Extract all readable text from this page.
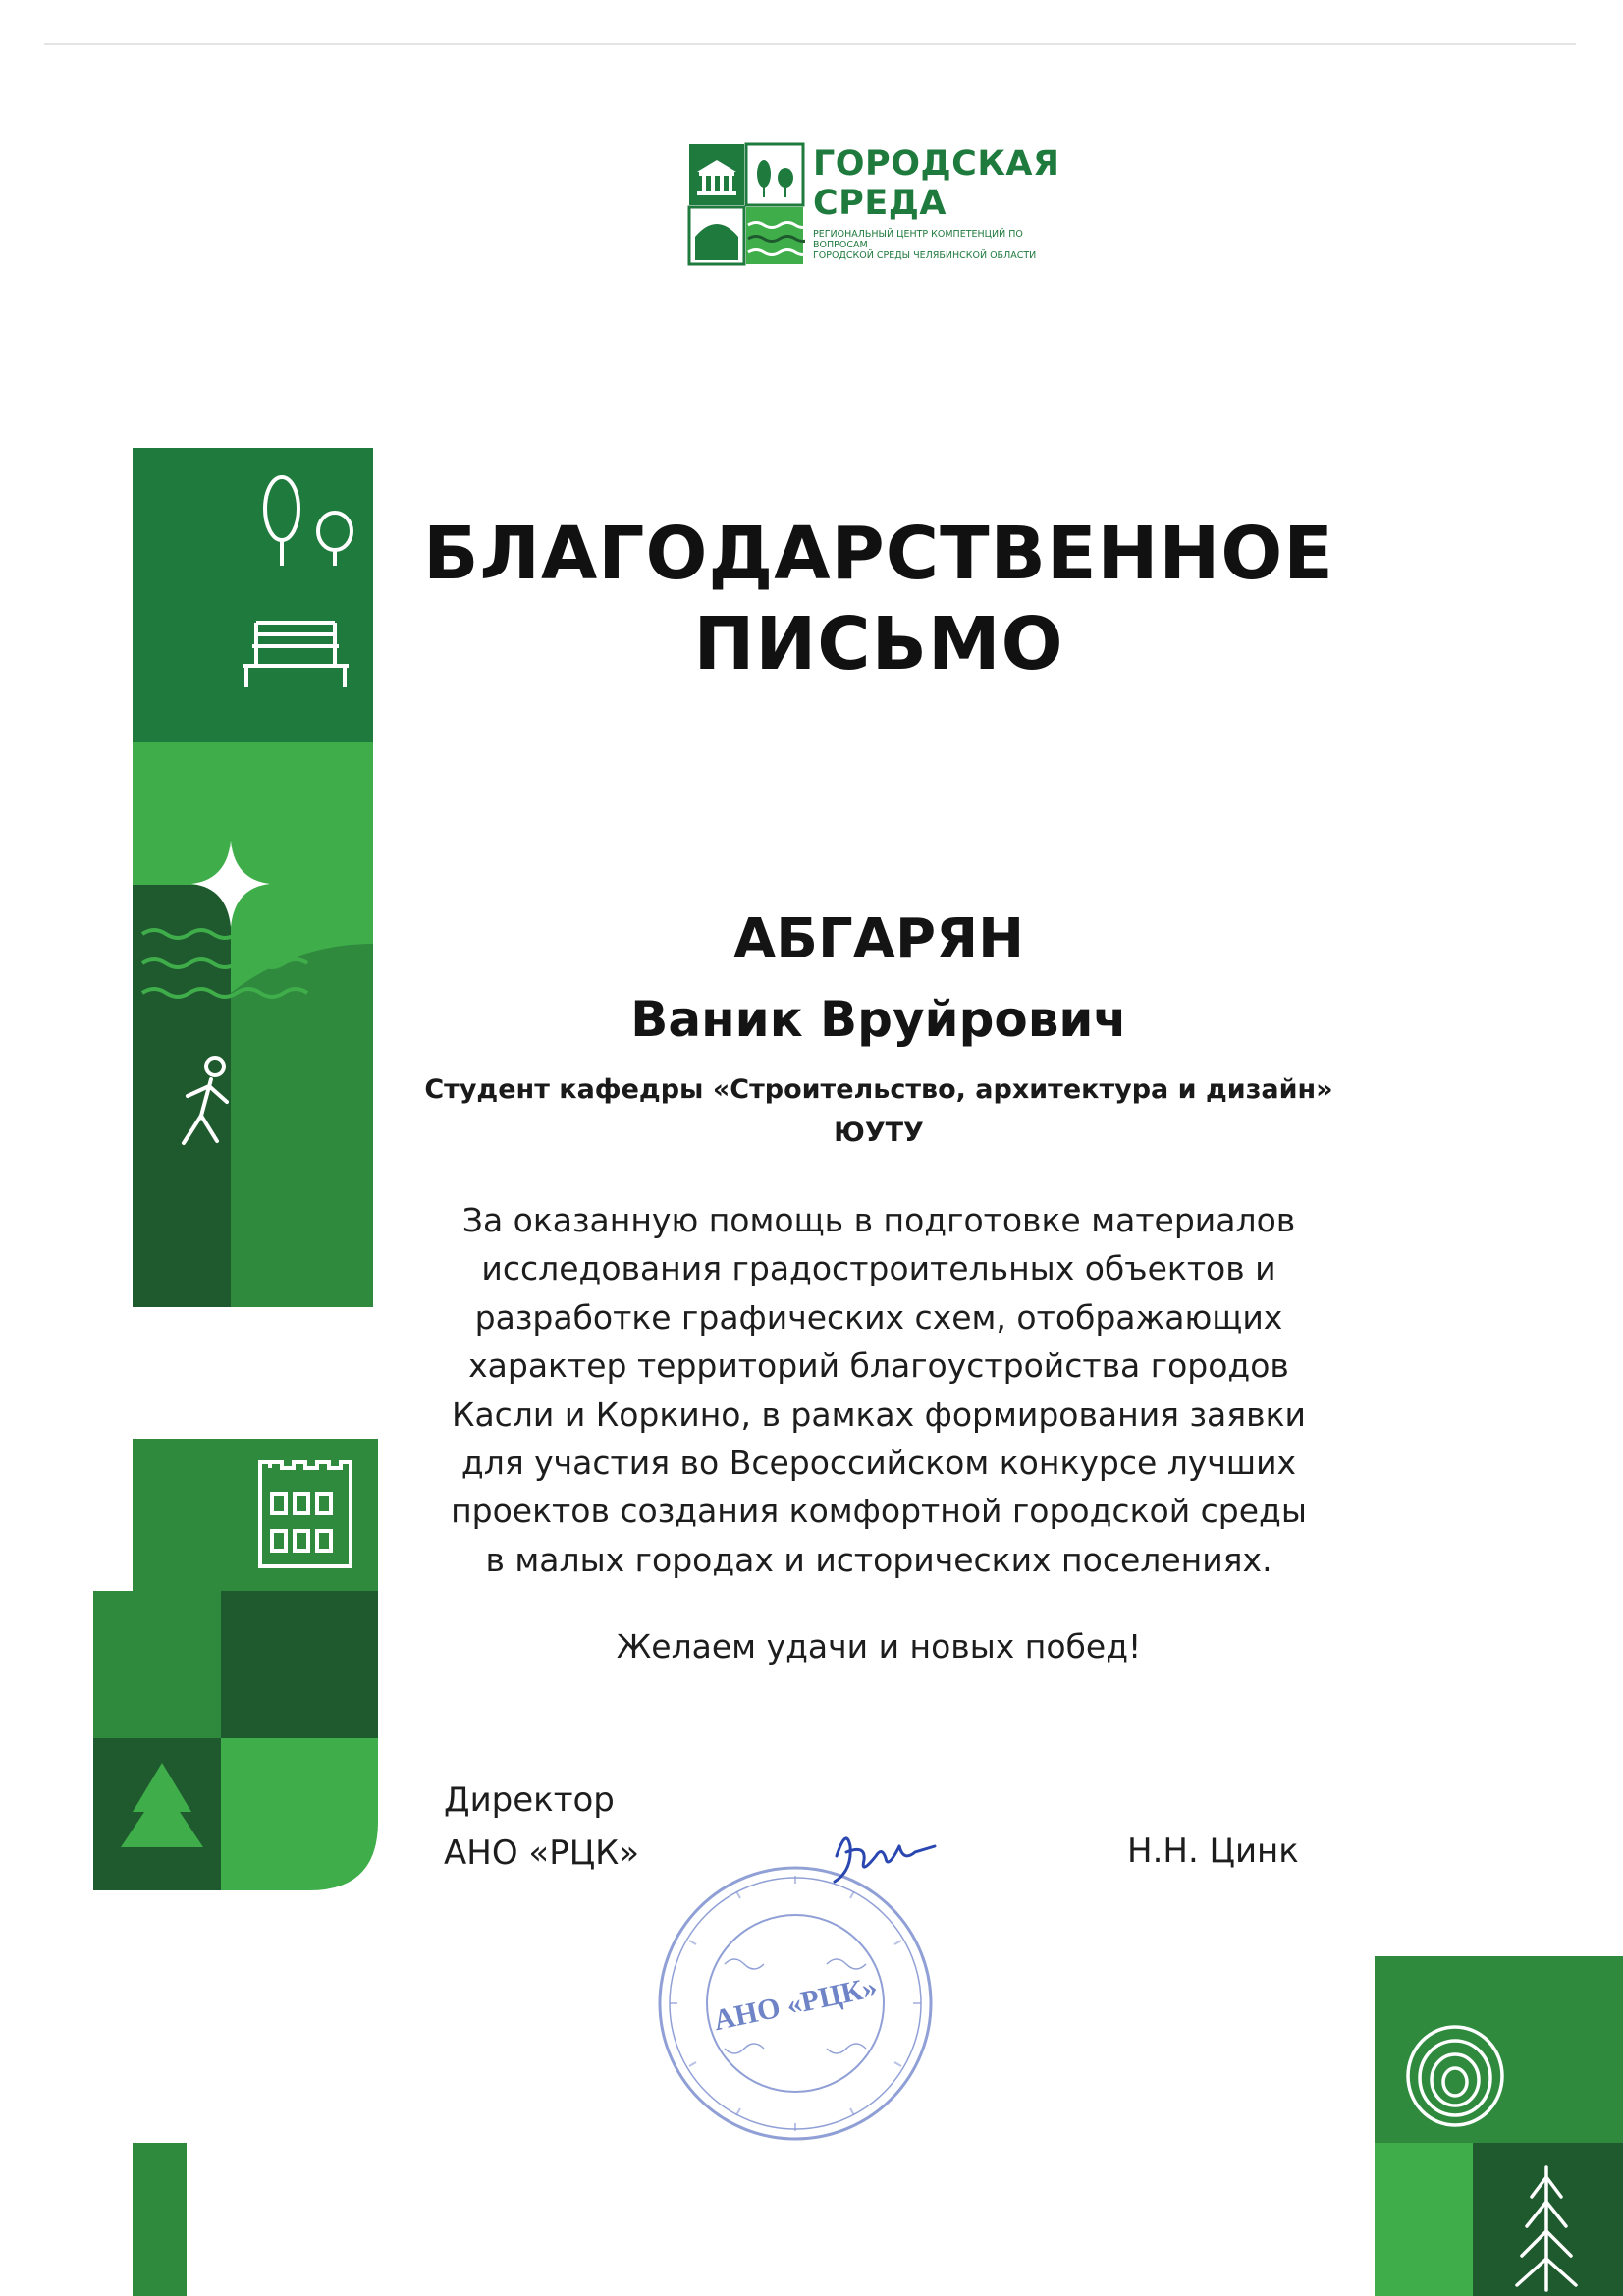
ГОРОДСКАЯ
СРЕДА
РЕГИОНАЛЬНЫЙ ЦЕНТР КОМПЕТЕНЦИЙ ПО ВОПРОСАМ
ГОРОДСКОЙ СРЕДЫ ЧЕЛЯБИНСКОЙ ОБЛАСТИ
БЛАГОДАРСТВЕННОЕ
ПИСЬМО
АБГАРЯН
Ваник Вруйрович
Студент кафедры «Строительство, архитектура и дизайн»
ЮУТУ
За оказанную помощь в подготовке материалов
исследования градостроительных объектов и
разработке графических схем, отображающих
характер территорий благоустройства городов
Касли и Коркино, в рамках формирования заявки
для участия во Всероссийском конкурсе лучших
проектов создания комфортной городской среды
в малых городах и исторических поселениях.
Желаем удачи и новых побед!
Директор
АНО «РЦК»	Н.Н. Цинк
АНО «РЦК»
